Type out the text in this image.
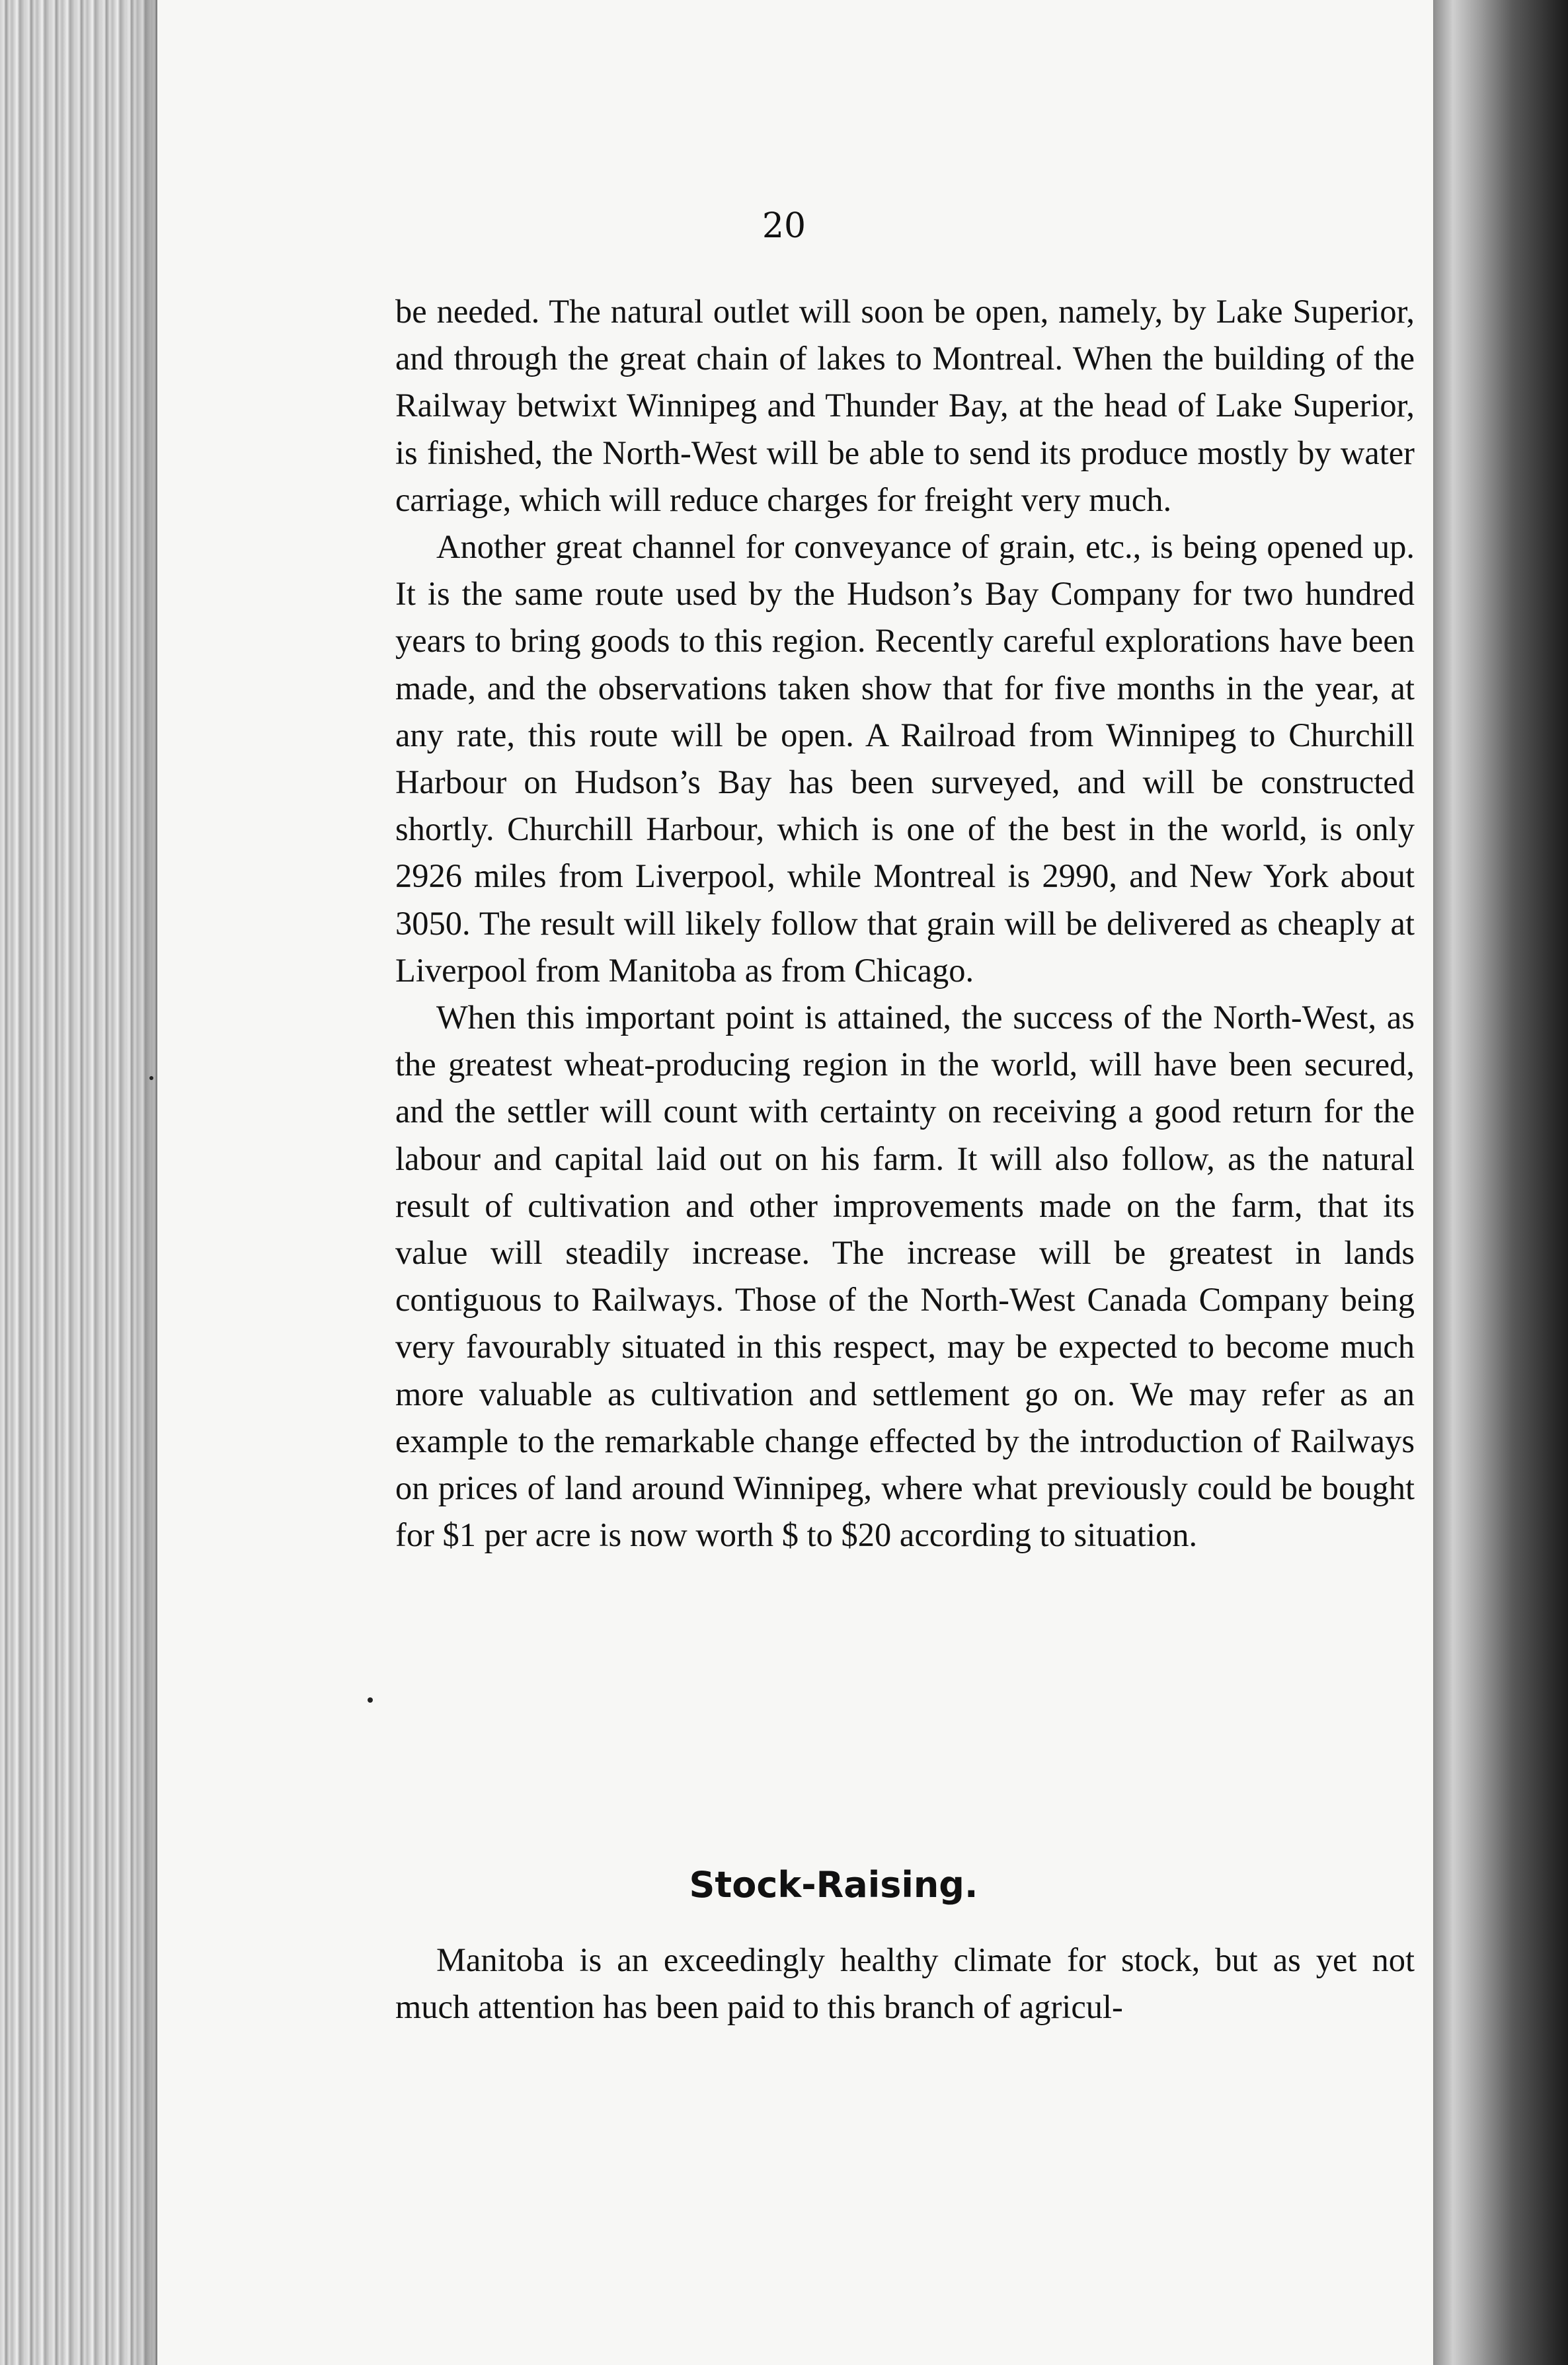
20

be needed. The natural outlet will soon be open, namely, by Lake Superior, and through the great chain of lakes to Montreal. When the building of the Railway betwixt Winnipeg and Thunder Bay, at the head of Lake Superior, is finished, the North-West will be able to send its produce mostly by water carriage, which will reduce charges for freight very much.

Another great channel for conveyance of grain, etc., is being opened up. It is the same route used by the Hudson’s Bay Company for two hundred years to bring goods to this region. Recently careful explorations have been made, and the observations taken show that for five months in the year, at any rate, this route will be open. A Railroad from Winnipeg to Churchill Harbour on Hudson’s Bay has been surveyed, and will be constructed shortly. Churchill Harbour, which is one of the best in the world, is only 2926 miles from Liverpool, while Montreal is 2990, and New York about 3050. The result will likely follow that grain will be delivered as cheaply at Liverpool from Manitoba as from Chicago.

When this important point is attained, the success of the North-West, as the greatest wheat-producing region in the world, will have been secured, and the settler will count with certainty on receiving a good return for the labour and capital laid out on his farm. It will also follow, as the natural result of cultivation and other improvements made on the farm, that its value will steadily increase. The increase will be greatest in lands contiguous to Railways. Those of the North-West Canada Company being very favourably situated in this respect, may be expected to become much more valuable as cultivation and settlement go on. We may refer as an example to the remarkable change effected by the introduction of Railways on prices of land around Winnipeg, where what previously could be bought for $1 per acre is now worth $ to $20 according to situation.

Stock-Raising.

Manitoba is an exceedingly healthy climate for stock, but as yet not much attention has been paid to this branch of agricul-
